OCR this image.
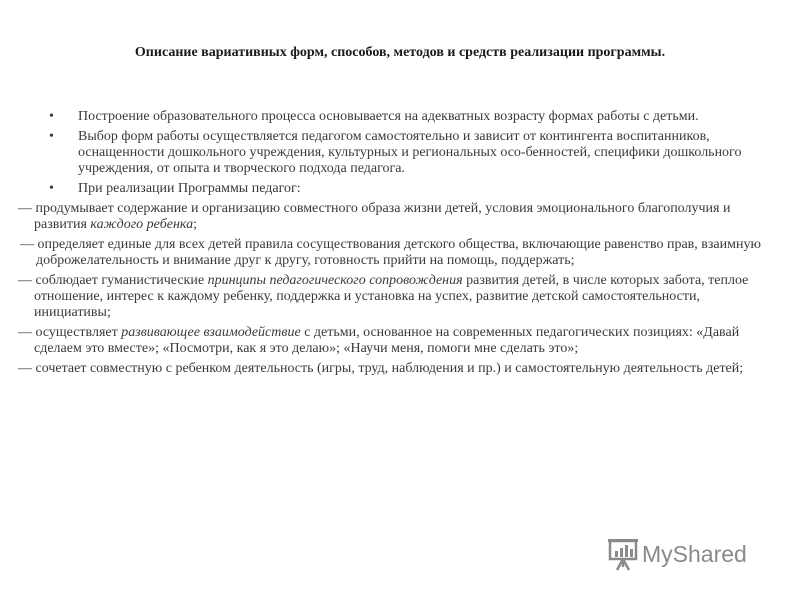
Описание вариативных форм, способов, методов и средств реализации программы.
• Построение образовательного процесса основывается на адекватных возрасту формах работы с детьми.
• Выбор форм работы осуществляется педагогом самостоятельно и зависит от контингента воспитанников, оснащенности дошкольного учреждения, культурных и региональных осо-бенностей, специфики дошкольного учреждения, от опыта и творческого подхода педагога.
• При реализации Программы педагог:
— продумывает содержание и организацию совместного образа жизни детей, условия эмоционального благополучия и развития каждого ребенка;
— определяет единые для всех детей правила сосуществования детского общества, включающие равенство прав, взаимную доброжелательность и внимание друг к другу, готовность прийти на помощь, поддержать;
— соблюдает гуманистические принципы педагогического сопровождения развития детей, в числе которых забота, теплое отношение, интерес к каждому ребенку, поддержка и установка на успех, развитие детской самостоятельности, инициативы;
— осуществляет развивающее взаимодействие с детьми, основанное на современных педагогических позициях: «Давай сделаем это вместе»; «Посмотри, как я это делаю»; «Научи меня, помоги мне сделать это»;
— сочетает совместную с ребенком деятельность (игры, труд, наблюдения и пр.) и самостоятельную деятельность детей;
MyShared
